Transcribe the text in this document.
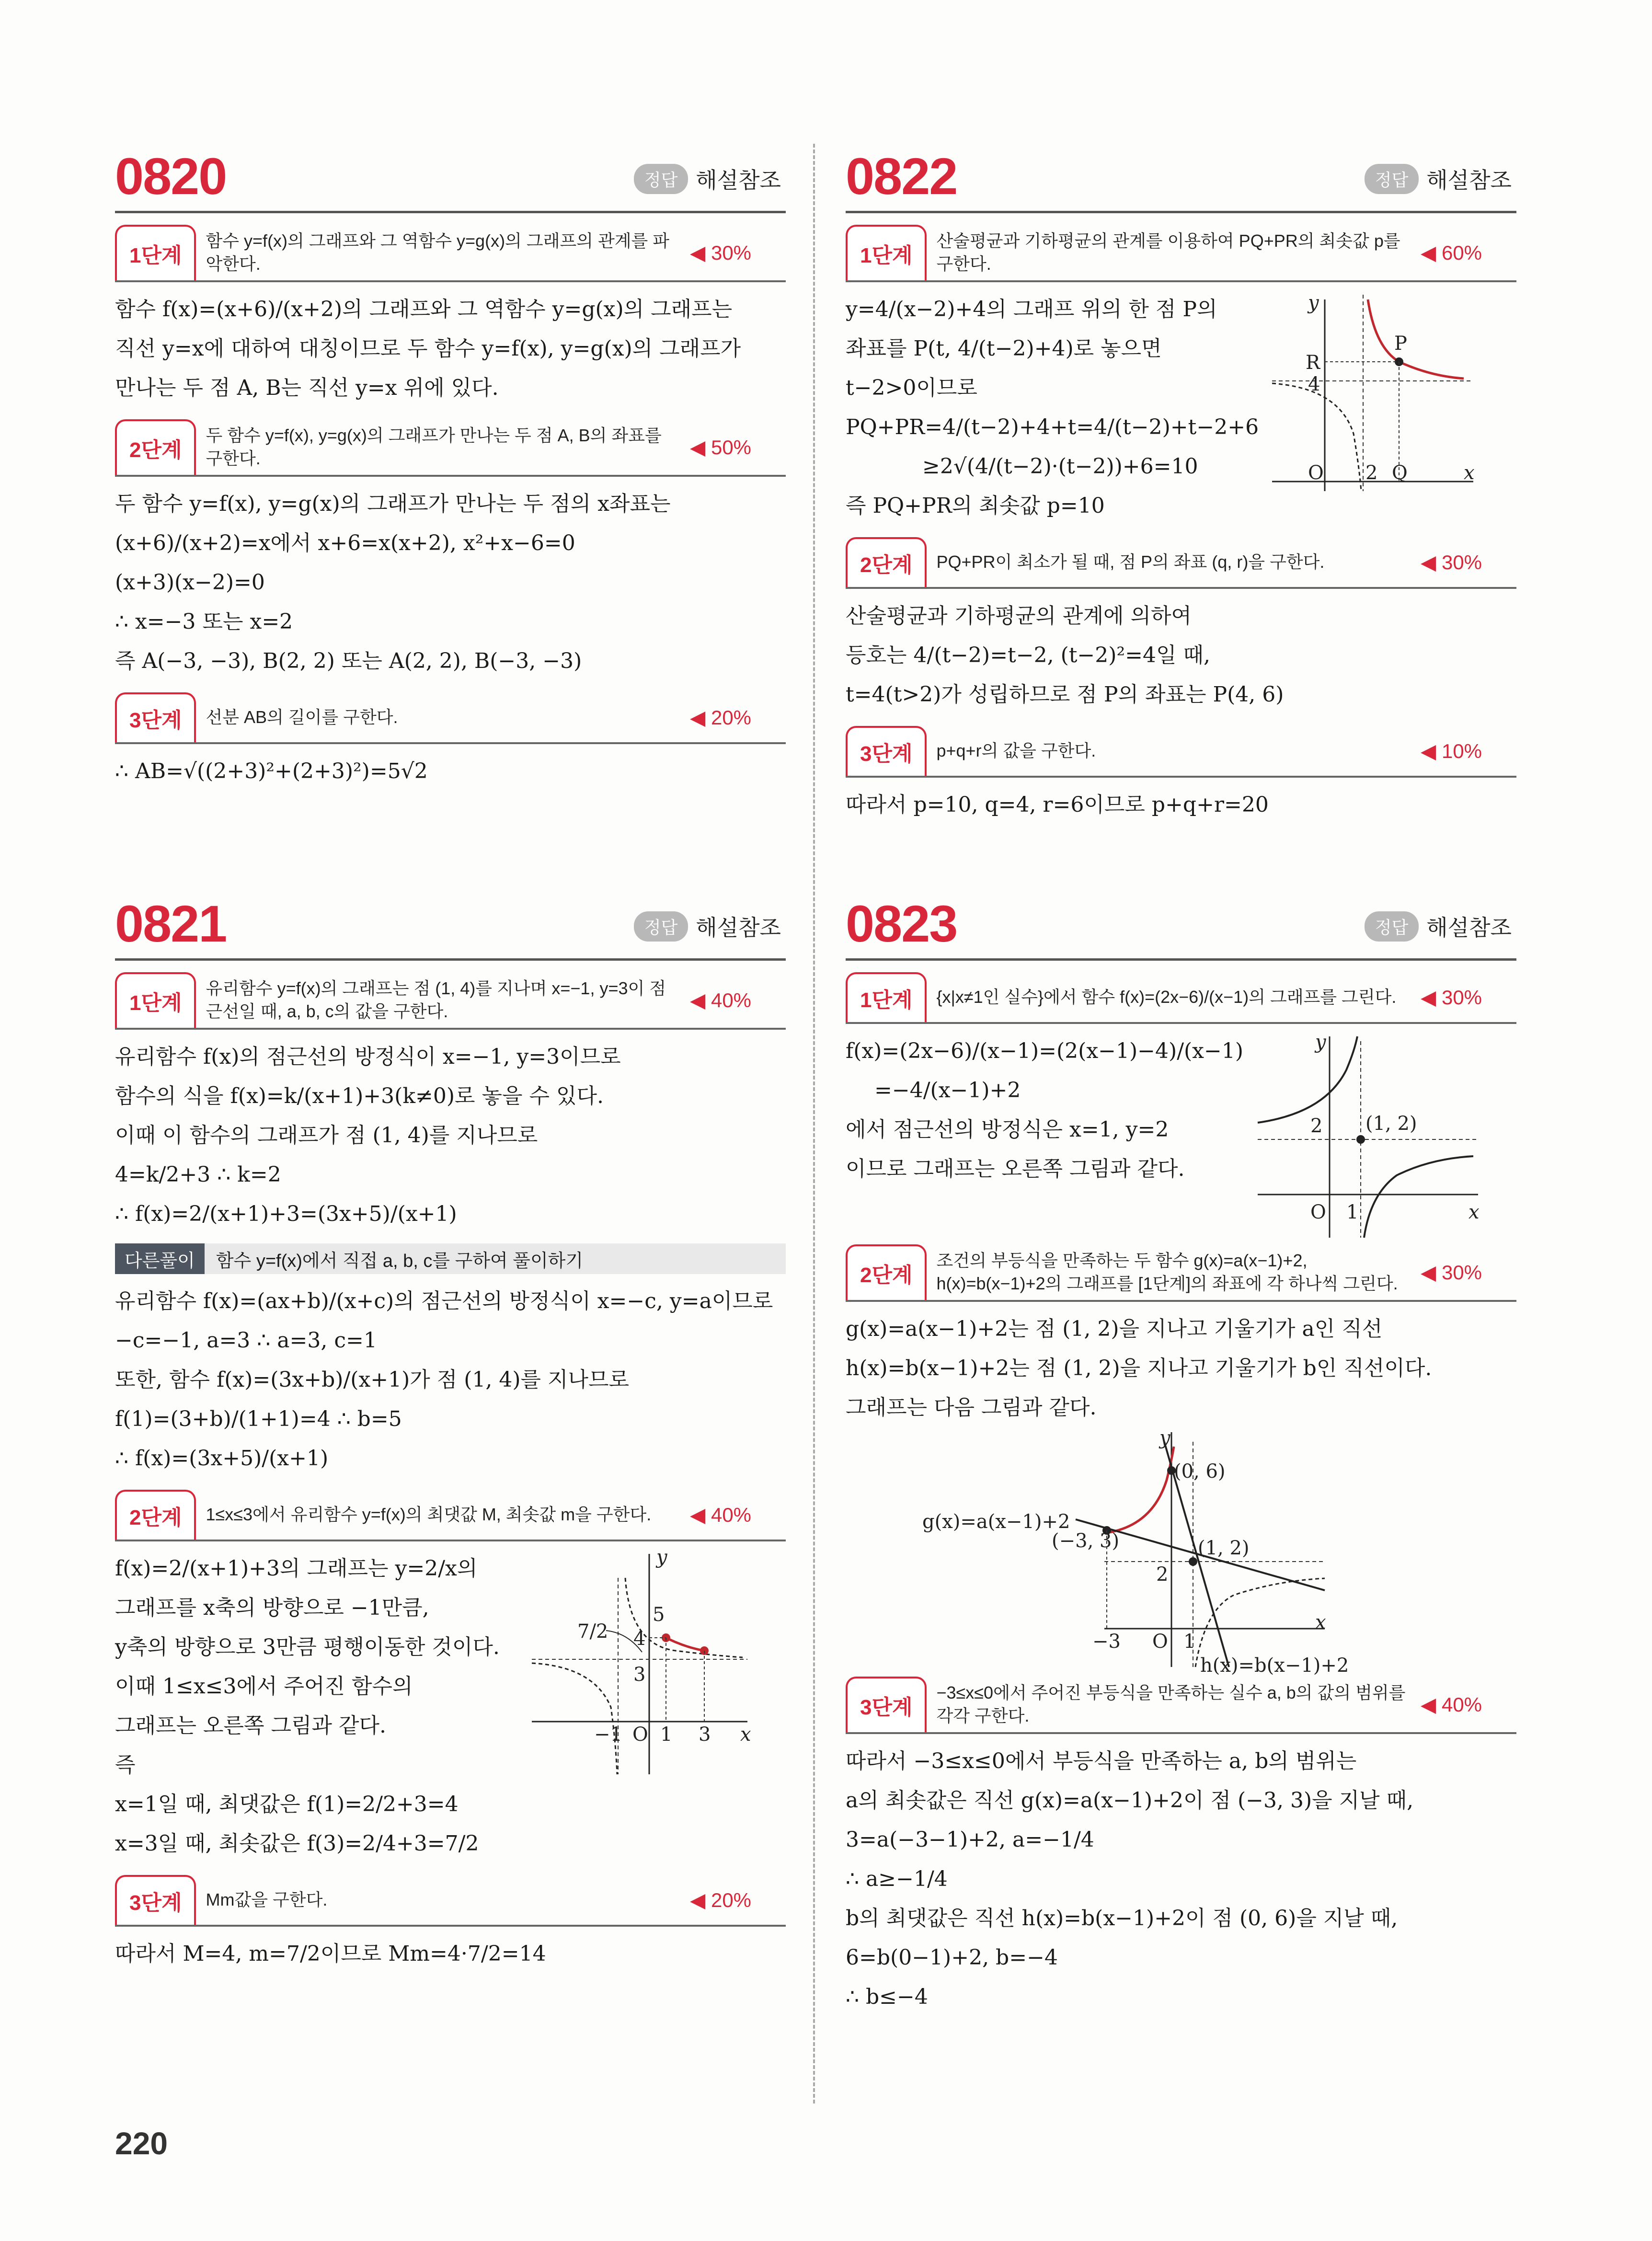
0820	정답 해설참조
1단계
함수 y=f(x)의 그래프와 그 역함수 y=g(x)의 그래프의 관계를 파악한다.	◀ 30%
함수 f(x)=(x+6)/(x+2)의 그래프와 그 역함수 y=g(x)의 그래프는
직선 y=x에 대하여 대칭이므로 두 함수 y=f(x), y=g(x)의 그래프가
만나는 두 점 A, B는 직선 y=x 위에 있다.
2단계
두 함수 y=f(x), y=g(x)의 그래프가 만나는 두 점 A, B의 좌표를 구한다.	◀ 50%
두 함수 y=f(x), y=g(x)의 그래프가 만나는 두 점의 x좌표는
(x+6)/(x+2)=x에서 x+6=x(x+2), x²+x−6=0
(x+3)(x−2)=0
∴ x=−3 또는 x=2
즉 A(−3, −3), B(2, 2) 또는 A(2, 2), B(−3, −3)
3단계	선분 AB의 길이를 구한다.	◀ 20%
∴ AB=√((2+3)²+(2+3)²)=5√2
0821	정답 해설참조
1단계
유리함수 y=f(x)의 그래프는 점 (1, 4)를 지나며 x=−1, y=3이 점근선일 때, a, b, c의 값을 구한다.	◀ 40%
유리함수 f(x)의 점근선의 방정식이 x=−1, y=3이므로
함수의 식을 f(x)=k/(x+1)+3(k≠0)로 놓을 수 있다.
이때 이 함수의 그래프가 점 (1, 4)를 지나므로
4=k/2+3 ∴ k=2
∴ f(x)=2/(x+1)+3=(3x+5)/(x+1)
다른풀이	함수 y=f(x)에서 직접 a, b, c를 구하여 풀이하기
유리함수 f(x)=(ax+b)/(x+c)의 점근선의 방정식이 x=−c, y=a이므로
−c=−1, a=3 ∴ a=3, c=1
또한, 함수 f(x)=(3x+b)/(x+1)가 점 (1, 4)를 지나므로
f(1)=(3+b)/(1+1)=4 ∴ b=5
∴ f(x)=(3x+5)/(x+1)
2단계	1≤x≤3에서 유리함수 y=f(x)의 최댓값 M, 최솟값 m을 구한다.	◀ 40%
f(x)=2/(x+1)+3의 그래프는 y=2/x의
그래프를 x축의 방향으로 −1만큼,
y축의 방향으로 3만큼 평행이동한 것이다.
이때 1≤x≤3에서 주어진 함수의
그래프는 오른쪽 그림과 같다.
즉
x=1일 때, 최댓값은 f(1)=2/2+3=4
x=3일 때, 최솟값은 f(3)=2/4+3=7/2
y
x
5
4
3
7/2
−1 O 1 3
3단계	Mm값을 구한다.	◀ 20%
따라서 M=4, m=7/2이므로 Mm=4·7/2=14
0822	정답 해설참조
1단계
산술평균과 기하평균의 관계를 이용하여 PQ+PR의 최솟값 p를 구한다.	◀ 60%
y=4/(x−2)+4의 그래프 위의 한 점 P의
좌표를 P(t, 4/(t−2)+4)로 놓으면
t−2>0이므로
PQ+PR=4/(t−2)+4+t=4/(t−2)+t−2+6
≥2√(4/(t−2)·(t−2))+6=10
즉 PQ+PR의 최솟값 p=10
y
x
P
R
4
O 2 Q
2단계	PQ+PR이 최소가 될 때, 점 P의 좌표 (q, r)을 구한다.	◀ 30%
산술평균과 기하평균의 관계에 의하여
등호는 4/(t−2)=t−2, (t−2)²=4일 때,
t=4(t>2)가 성립하므로 점 P의 좌표는 P(4, 6)
3단계	p+q+r의 값을 구한다.	◀ 10%
따라서 p=10, q=4, r=6이므로 p+q+r=20
0823	정답 해설참조
1단계	{x|x≠1인 실수}에서 함수 f(x)=(2x−6)/(x−1)의 그래프를 그린다.	◀ 30%
f(x)=(2x−6)/(x−1)=(2(x−1)−4)/(x−1)
=−4/(x−1)+2
에서 점근선의 방정식은 x=1, y=2
이므로 그래프는 오른쪽 그림과 같다.
y
x
2 (1, 2)
O 1
2단계
조건의 부등식을 만족하는 두 함수 g(x)=a(x−1)+2, h(x)=b(x−1)+2의 그래프를 [1단계]의 좌표에 각 하나씩 그린다.	◀ 30%
g(x)=a(x−1)+2는 점 (1, 2)을 지나고 기울기가 a인 직선
h(x)=b(x−1)+2는 점 (1, 2)을 지나고 기울기가 b인 직선이다.
그래프는 다음 그림과 같다.
y
x
g(x)=a(x−1)+2
h(x)=b(x−1)+2
(0, 6)
(−3, 3)	(1, 2)
2
−3 O 1
3단계
−3≤x≤0에서 주어진 부등식을 만족하는 실수 a, b의 값의 범위를 각각 구한다.	◀ 40%
따라서 −3≤x≤0에서 부등식을 만족하는 a, b의 범위는
a의 최솟값은 직선 g(x)=a(x−1)+2이 점 (−3, 3)을 지날 때,
3=a(−3−1)+2, a=−1/4
∴ a≥−1/4
b의 최댓값은 직선 h(x)=b(x−1)+2이 점 (0, 6)을 지날 때,
6=b(0−1)+2, b=−4
∴ b≤−4
220
